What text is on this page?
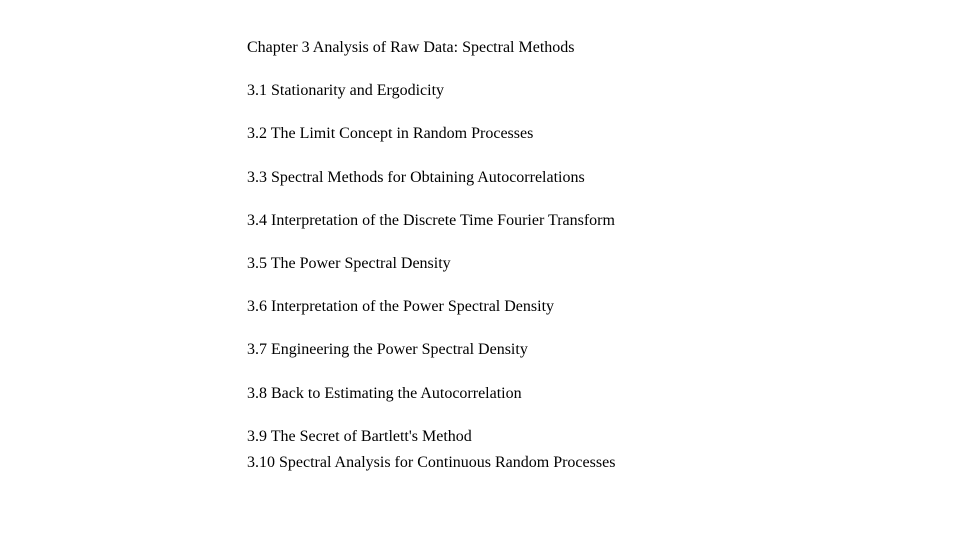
Chapter 3 Analysis of Raw Data: Spectral Methods
3.1 Stationarity and Ergodicity
3.2 The Limit Concept in Random Processes
3.3 Spectral Methods for Obtaining Autocorrelations
3.4 Interpretation of the Discrete Time Fourier Transform
3.5 The Power Spectral Density
3.6 Interpretation of the Power Spectral Density
3.7 Engineering the Power Spectral Density
3.8 Back to Estimating the Autocorrelation
3.9 The Secret of Bartlett's Method
3.10 Spectral Analysis for Continuous Random Processes
